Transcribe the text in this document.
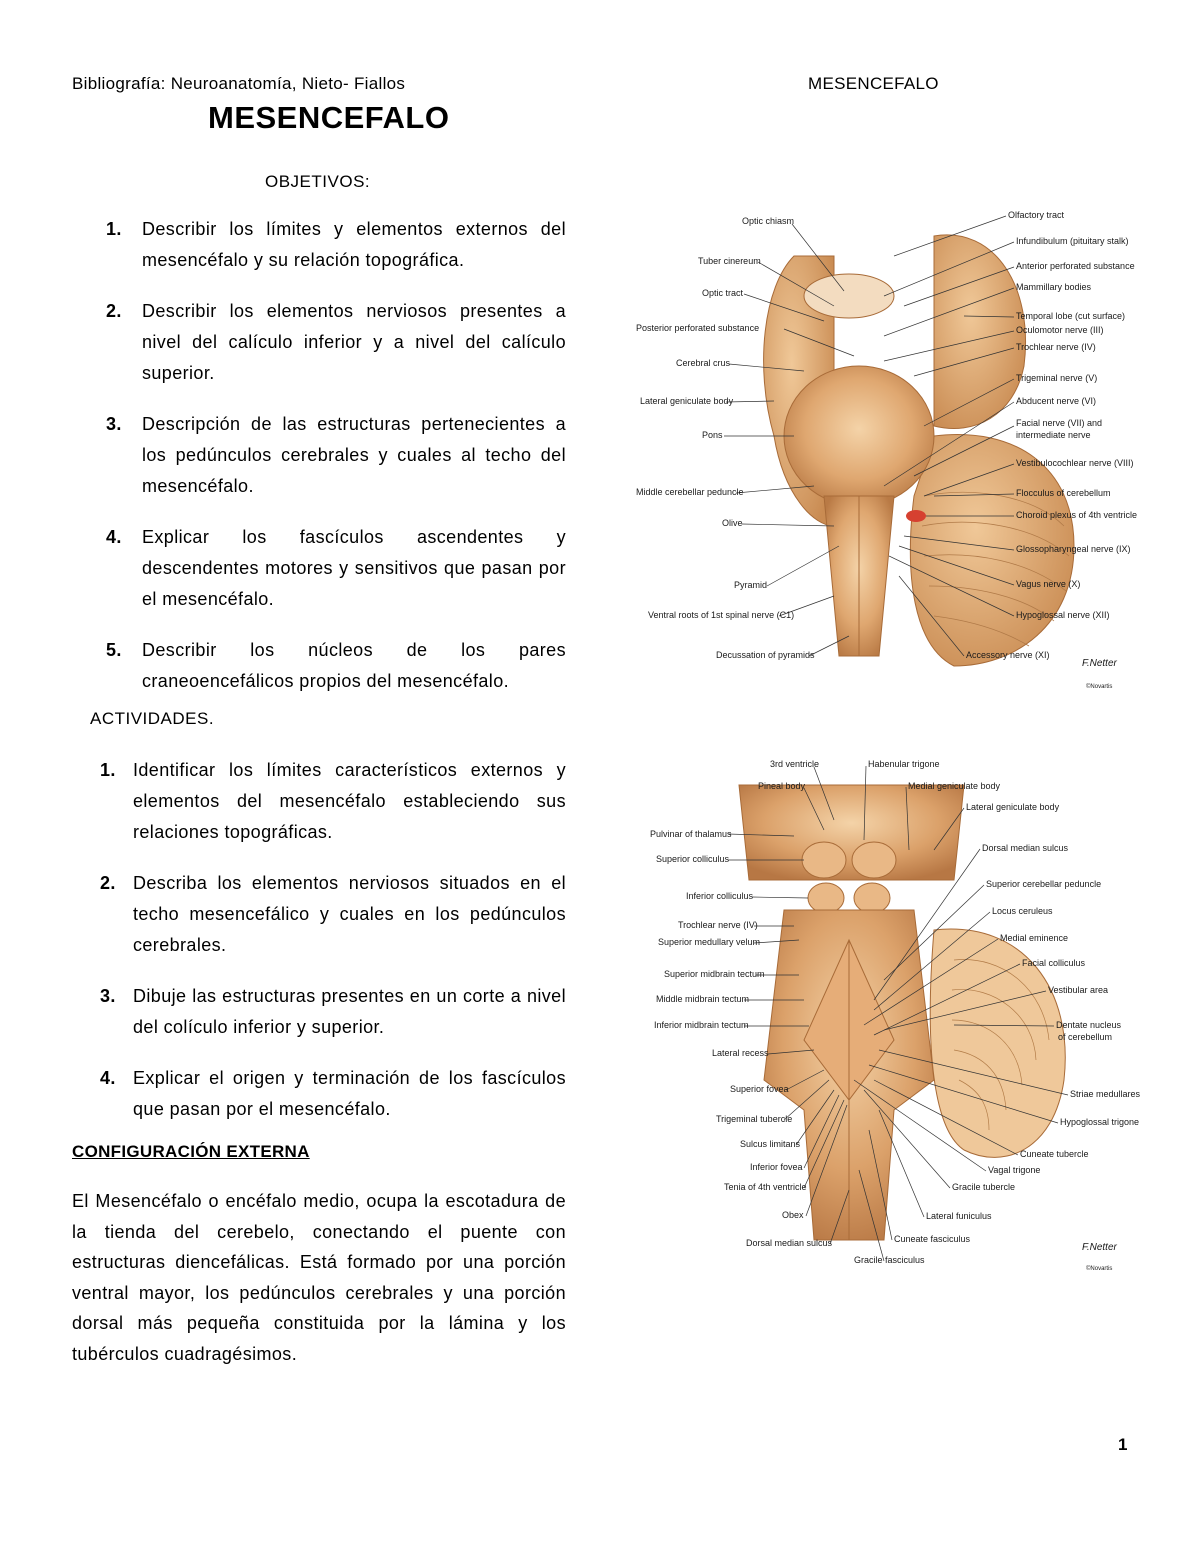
Bibliografía: Neuroanatomía, Nieto- Fiallos	MESENCEFALO
MESENCEFALO
OBJETIVOS:
1. Describir los límites y elementos externos del mesencéfalo y su relación topográfica.
2. Describir los elementos nerviosos presentes a nivel del calículo inferior y a nivel del calículo superior.
3. Descripción de las estructuras pertenecientes a los pedúnculos cerebrales y cuales al techo del mesencéfalo.
4. Explicar los fascículos ascendentes y descendentes motores y sensitivos que pasan por el mesencéfalo.
5. Describir los núcleos de los pares craneoencefálicos propios del mesencéfalo.
ACTIVIDADES.
1. Identificar los límites característicos externos y elementos del mesencéfalo estableciendo sus relaciones topográficas.
2. Describa los elementos nerviosos situados en el techo mesencefálico y cuales en los pedúnculos cerebrales.
3. Dibuje las estructuras presentes en un corte a nivel del colículo inferior y superior.
4. Explicar el origen y terminación de los fascículos que pasan por el mesencéfalo.
CONFIGURACIÓN EXTERNA

El Mesencéfalo o encéfalo medio, ocupa la escotadura de la tienda del cerebelo, conectando el puente con estructuras diencefálicas. Está formado por una porción ventral mayor, los pedúnculos cerebrales y una porción dorsal más pequeña constituida por la lámina y los tubérculos cuadragésimos.

1
Optic chiasm
Tuber cinereum
Optic tract
Posterior perforated substance
Cerebral crus
Lateral geniculate body
Pons
Middle cerebellar peduncle
Olive
Pyramid
Ventral roots of 1st spinal nerve (C1)
Decussation of pyramids
Olfactory tract
Infundibulum (pituitary stalk)
Anterior perforated substance
Mammillary bodies
Temporal lobe (cut surface)
Oculomotor nerve (III)
Trochlear nerve (IV)
Trigeminal nerve (V)
Abducent nerve (VI)
Facial nerve (VII) and
intermediate nerve
Vestibulocochlear nerve (VIII)
Flocculus of cerebellum
Choroid plexus of 4th ventricle
Glossopharyngeal nerve (IX)
Vagus nerve (X)
Hypoglossal nerve (XII)
Accessory nerve (XI)
F.Netter
©Novartis
3rd ventricle
Pineal body
Pulvinar of thalamus
Superior colliculus
Inferior colliculus
Trochlear nerve (IV)
Superior medullary velum
Superior midbrain tectum
Middle midbrain tectum
Inferior midbrain tectum
Lateral recess
Superior fovea
Trigeminal tubercle
Sulcus limitans
Inferior fovea
Tenia of 4th ventricle
Obex
Dorsal median sulcus
Habenular trigone
Medial geniculate body
Lateral geniculate body
Dorsal median sulcus
Superior cerebellar peduncle
Locus ceruleus
Medial eminence
Facial colliculus
Vestibular area
Dentate nucleus
of cerebellum
Striae medullares
Hypoglossal trigone
Cuneate tubercle
Vagal trigone
Gracile tubercle
Lateral funiculus
Cuneate fasciculus
Gracile fasciculus
F.Netter
©Novartis
